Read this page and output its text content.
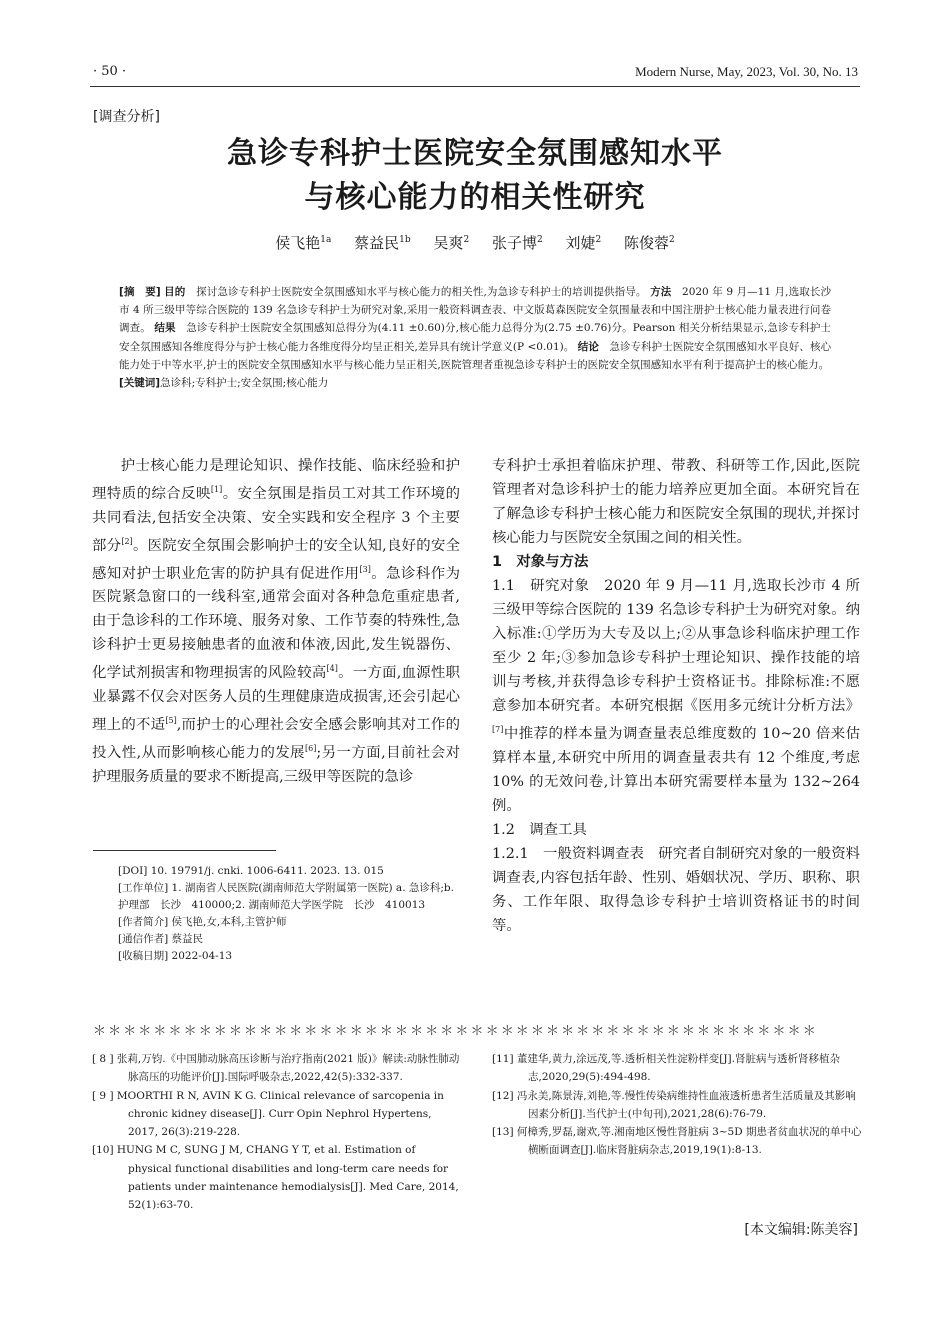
· 50 ·	Modern Nurse, May, 2023, Vol. 30, No. 13
[调查分析]
急诊专科护士医院安全氛围感知水平
与核心能力的相关性研究
侯飞艳$^{1a}$ 蔡益民$^{1b}$ 吴爽$^2$ 张子博$^2$ 刘婕$^2$ 陈俊蓉$^2$
[摘　要] 目的　 探讨急诊专科护士医院安全氛围感知水平与核心能力的相关性,为急诊专科护士的培训提供指导。 方法　 2020 年 9 月—11 月,选取长沙市 4 所三级甲等综合医院的 139 名急诊专科护士为研究对象,采用一般资料调查表、中文版葛森医院安全氛围量表和中国注册护士核心能力量表进行问卷调查。 结果　 急诊专科护士医院安全氛围感知总得分为(4.11 ±0.60)分,核心能力总得分为(2.75 ±0.76)分。Pearson 相关分析结果显示,急诊专科护士安全氛围感知各维度得分与护士核心能力各维度得分均呈正相关,差异具有统计学意义(P <0.01)。 结论　 急诊专科护士医院安全氛围感知水平良好、核心能力处于中等水平,护士的医院安全氛围感知水平与核心能力呈正相关,医院管理者重视急诊专科护士的医院安全氛围感知水平有利于提高护士的核心能力。
[关键词]急诊科;专科护士;安全氛围;核心能力

护士核心能力是理论知识、操作技能、临床经验和护理特质的综合反映[1]。安全氛围是指员工对其工作环境的共同看法,包括安全决策、安全实践和安全程序 3 个主要部分[2]。医院安全氛围会影响护士的安全认知,良好的安全感知对护士职业危害的防护具有促进作用[3]。急诊科作为医院紧急窗口的一线科室,通常会面对各种急危重症患者,由于急诊科的工作环境、服务对象、工作节奏的特殊性,急诊科护士更易接触患者的血液和体液,因此,发生锐器伤、化学试剂损害和物理损害的风险较高[4]。一方面,血源性职业暴露不仅会对医务人员的生理健康造成损害,还会引起心理上的不适[5],而护士的心理社会安全感会影响其对工作的投入性,从而影响核心能力的发展[6];另一方面,目前社会对护理服务质量的要求不断提高,三级甲等医院的急诊

[DOI] 10. 19791/j. cnki. 1006-6411. 2023. 13. 015

[工作单位] 1. 湖南省人民医院(湖南师范大学附属第一医院) a. 急诊科;b. 护理部　长沙　410000;2. 湖南师范大学医学院　长沙　410013

[作者简介] 侯飞艳,女,本科,主管护师

[通信作者] 蔡益民

[收稿日期] 2022-04-13

专科护士承担着临床护理、带教、科研等工作,因此,医院管理者对急诊科护士的能力培养应更加全面。本研究旨在了解急诊专科护士核心能力和医院安全氛围的现状,并探讨核心能力与医院安全氛围之间的相关性。

1　对象与方法

1.1　研究对象　2020 年 9 月—11 月,选取长沙市 4 所三级甲等综合医院的 139 名急诊专科护士为研究对象。纳入标准:①学历为大专及以上;②从事急诊科临床护理工作至少 2 年;③参加急诊专科护士理论知识、操作技能的培训与考核,并获得急诊专科护士资格证书。排除标准:不愿意参加本研究者。本研究根据《医用多元统计分析方法》[7]中推荐的样本量为调查量表总维度数的 10~20 倍来估算样本量,本研究中所用的调查量表共有 12 个维度,考虑 10% 的无效问卷,计算出本研究需要样本量为 132~264 例。

1.2　调查工具

1.2.1　一般资料调查表　研究者自制研究对象的一般资料调查表,内容包括年龄、性别、婚姻状况、学历、职称、职务、工作年限、取得急诊专科护士培训资格证书的时间等。

＊＊＊＊＊＊＊＊＊＊＊＊＊＊＊＊＊＊＊＊＊＊＊＊＊＊＊＊＊＊＊＊＊＊＊＊＊＊＊＊＊＊＊＊＊＊＊＊

[ 8 ] 张莉,万钧.《中国肺动脉高压诊断与治疗指南(2021 版)》解读:动脉性肺动脉高压的功能评价[J].国际呼吸杂志,2022,42(5):332-337.

[ 9 ] MOORTHI R N, AVIN K G. Clinical relevance of sarcopenia in chronic kidney disease[J]. Curr Opin Nephrol Hypertens, 2017, 26(3):219-228.

[10] HUNG M C, SUNG J M, CHANG Y T, et al. Estimation of physical functional disabilities and long-term care needs for patients under maintenance hemodialysis[J]. Med Care, 2014, 52(1):63-70.

[11] 董建华,黄力,涂远茂,等.透析相关性淀粉样变[J].肾脏病与透析肾移植杂志,2020,29(5):494-498.

[12] 冯永美,陈景涛,刘艳,等.慢性传染病维持性血液透析患者生活质量及其影响因素分析[J].当代护士(中旬刊),2021,28(6):76-79.

[13] 何樟秀,罗磊,谢欢,等.湘南地区慢性肾脏病 3~5D 期患者贫血状况的单中心横断面调查[J].临床肾脏病杂志,2019,19(1):8-13.

[本文编辑:陈美容]
